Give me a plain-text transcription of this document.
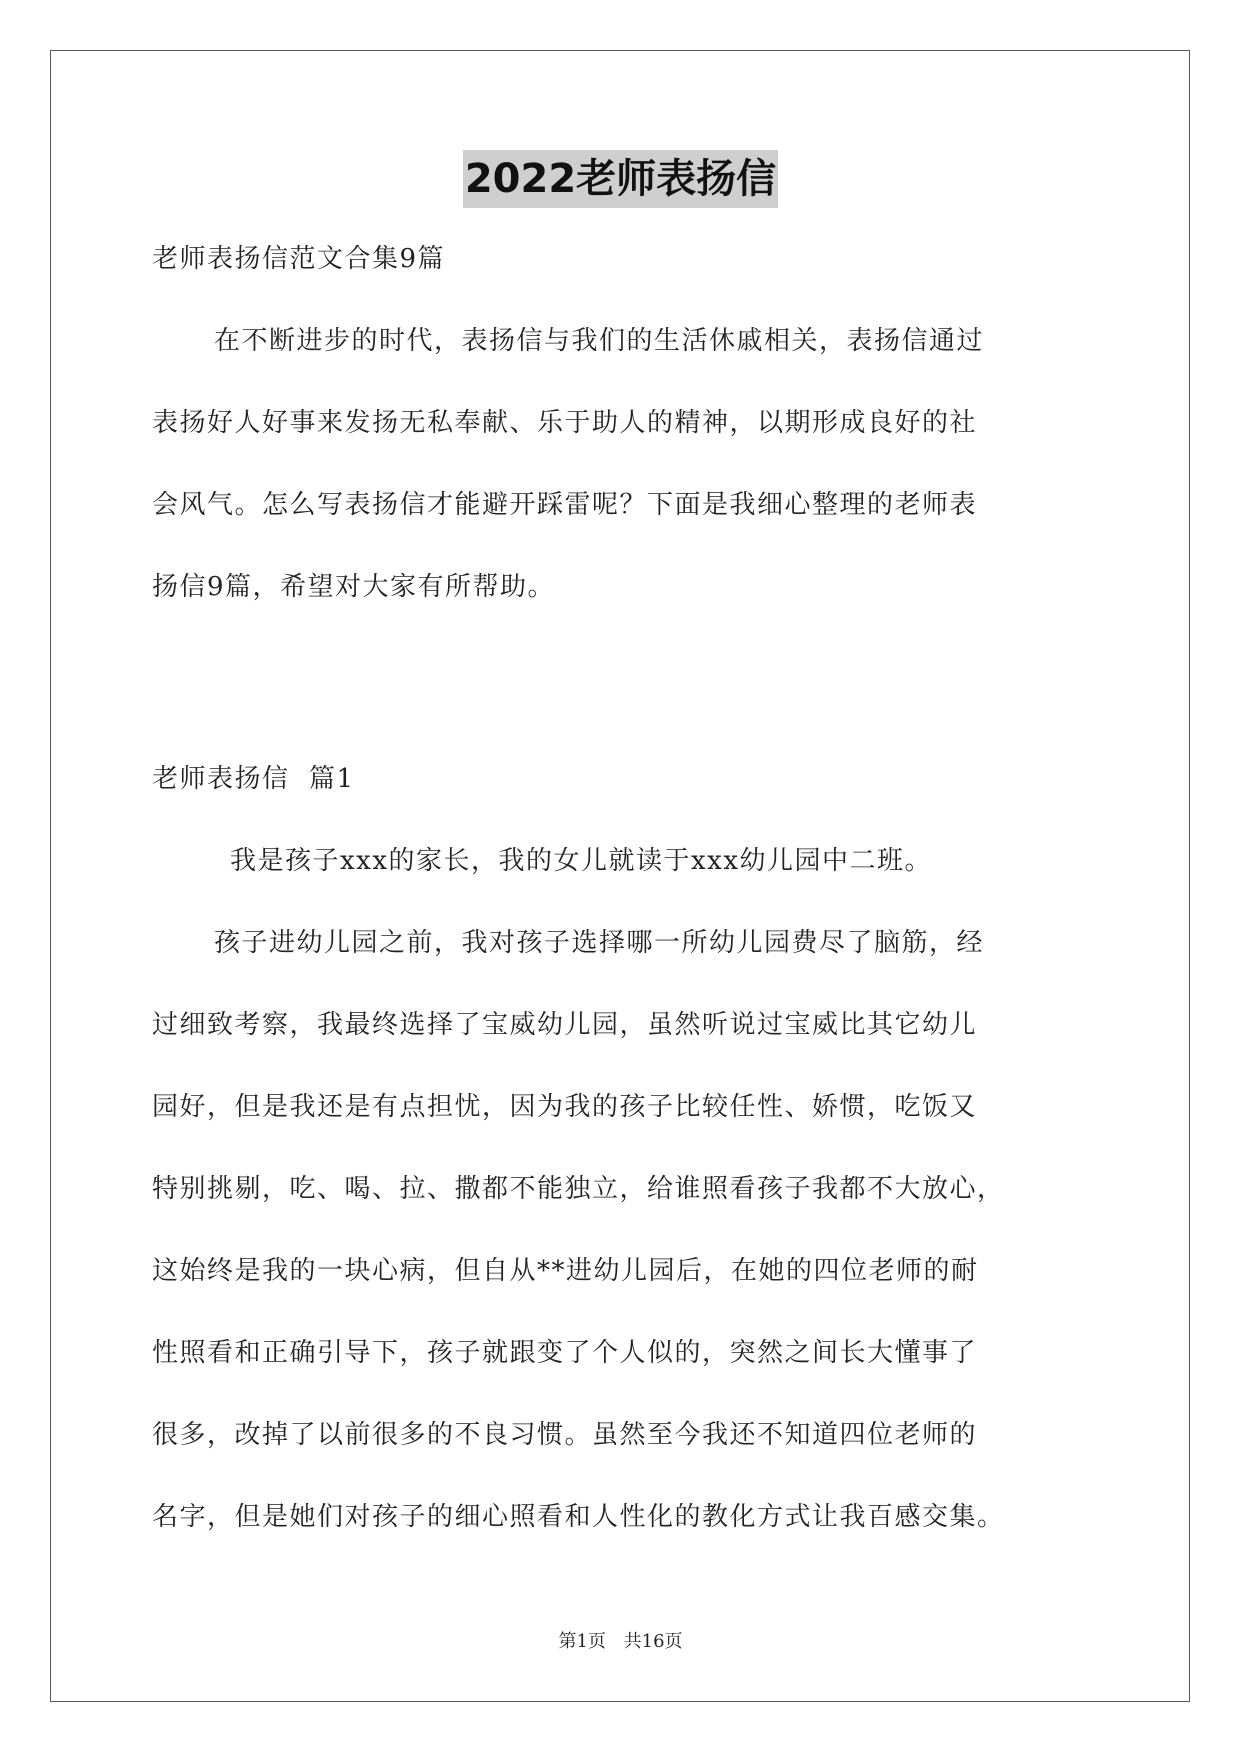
2022老师表扬信
老师表扬信范文合集9篇
在不断进步的时代，表扬信与我们的生活休戚相关，表扬信通过
表扬好人好事来发扬无私奉献、乐于助人的精神，以期形成良好的社
会风气。怎么写表扬信才能避开踩雷呢？下面是我细心整理的老师表
扬信9篇，希望对大家有所帮助。
老师表扬信  篇1
我是孩子xxx的家长，我的女儿就读于xxx幼儿园中二班。
孩子进幼儿园之前，我对孩子选择哪一所幼儿园费尽了脑筋，经
过细致考察，我最终选择了宝威幼儿园，虽然听说过宝威比其它幼儿
园好，但是我还是有点担忧，因为我的孩子比较任性、娇惯，吃饭又
特别挑剔，吃、喝、拉、撒都不能独立，给谁照看孩子我都不大放心，
这始终是我的一块心病，但自从**进幼儿园后，在她的四位老师的耐
性照看和正确引导下，孩子就跟变了个人似的，突然之间长大懂事了
很多，改掉了以前很多的不良习惯。虽然至今我还不知道四位老师的
名字，但是她们对孩子的细心照看和人性化的教化方式让我百感交集。
第1页 共16页
